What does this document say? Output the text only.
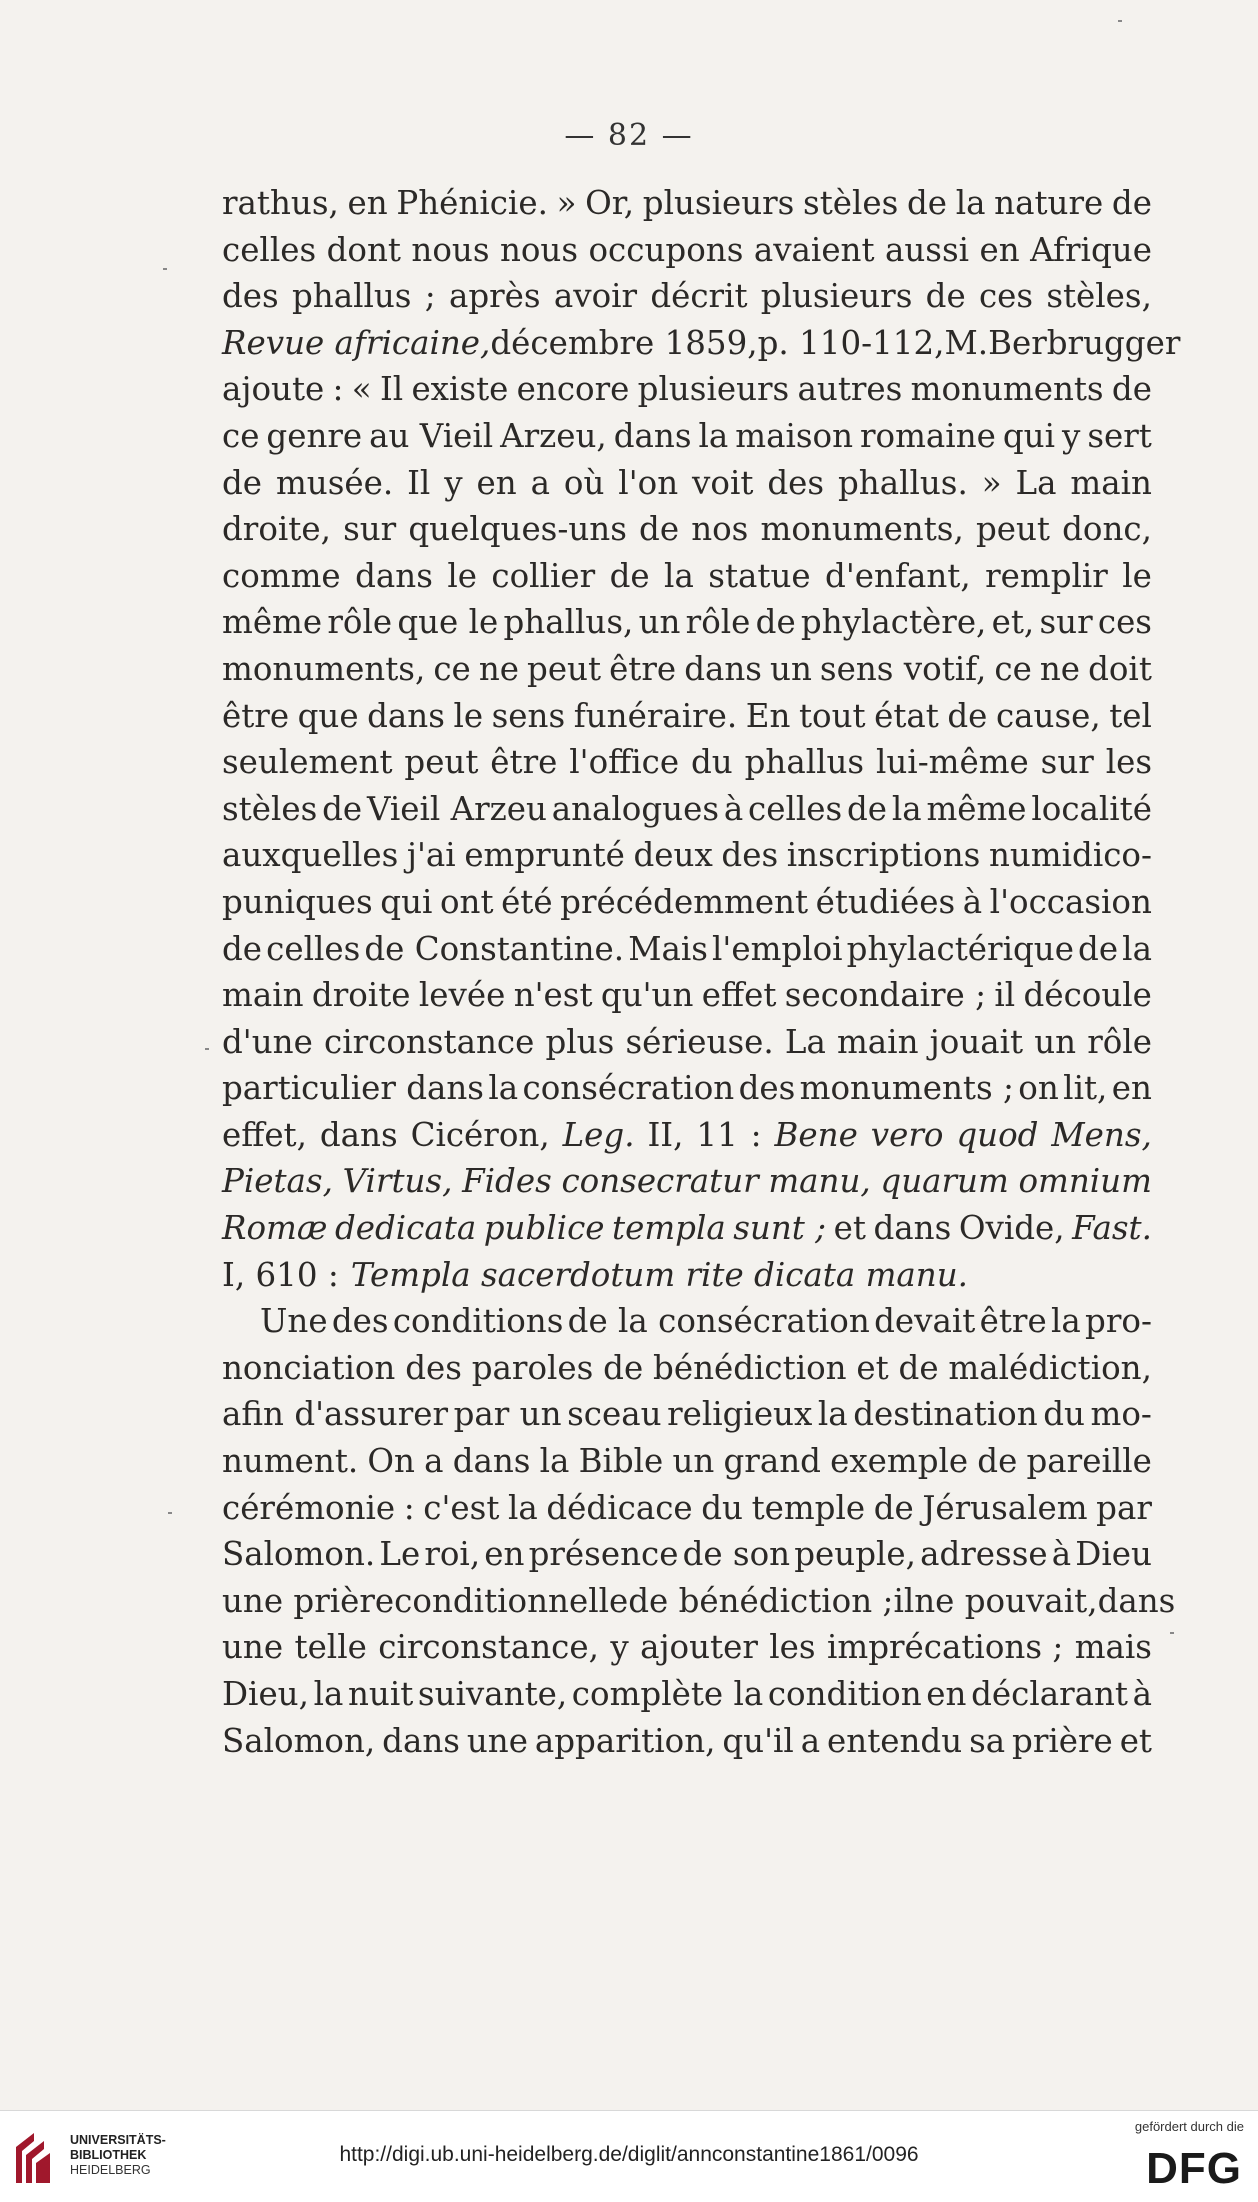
— 82 —
rathus, en Phénicie. » Or, plusieurs stèles de la nature de
celles dont nous nous occupons avaient aussi en Afrique
des phallus ; après avoir décrit plusieurs de ces stèles,
Revue africaine, décembre 1859, p. 110-112, M. Berbrugger
ajoute : « Il existe encore plusieurs autres monuments de
ce genre au Vieil Arzeu, dans la maison romaine qui y sert
de musée. Il y en a où l'on voit des phallus. » La main
droite, sur quelques-uns de nos monuments, peut donc,
comme dans le collier de la statue d'enfant, remplir le
même rôle que le phallus, un rôle de phylactère, et, sur ces
monuments, ce ne peut être dans un sens votif, ce ne doit
être que dans le sens funéraire. En tout état de cause, tel
seulement peut être l'office du phallus lui-même sur les
stèles de Vieil Arzeu analogues à celles de la même localité
auxquelles j'ai emprunté deux des inscriptions numidico-
puniques qui ont été précédemment étudiées à l'occasion
de celles de Constantine. Mais l'emploi phylactérique de la
main droite levée n'est qu'un effet secondaire ; il découle
d'une circonstance plus sérieuse. La main jouait un rôle
particulier dans la consécration des monuments ; on lit, en
effet, dans Cicéron, Leg. II, 11 : Bene vero quod Mens,
Pietas, Virtus, Fides consecratur manu, quarum omnium
Romæ dedicata publice templa sunt ; et dans Ovide, Fast.
I, 610 : Templa sacerdotum rite dicata manu.
Une des conditions de la consécration devait être la pro-
nonciation des paroles de bénédiction et de malédiction,
afin d'assurer par un sceau religieux la destination du mo-
nument. On a dans la Bible un grand exemple de pareille
cérémonie : c'est la dédicace du temple de Jérusalem par
Salomon. Le roi, en présence de son peuple, adresse à Dieu
une prière conditionnelle de bénédiction ; il ne pouvait, dans
une telle circonstance, y ajouter les imprécations ; mais
Dieu, la nuit suivante, complète la condition en déclarant à
Salomon, dans une apparition, qu'il a entendu sa prière et
UNIVERSITÄTS-
BIBLIOTHEK
HEIDELBERG
http://digi.ub.uni-heidelberg.de/diglit/annconstantine1861/0096
gefördert durch die
DFG
